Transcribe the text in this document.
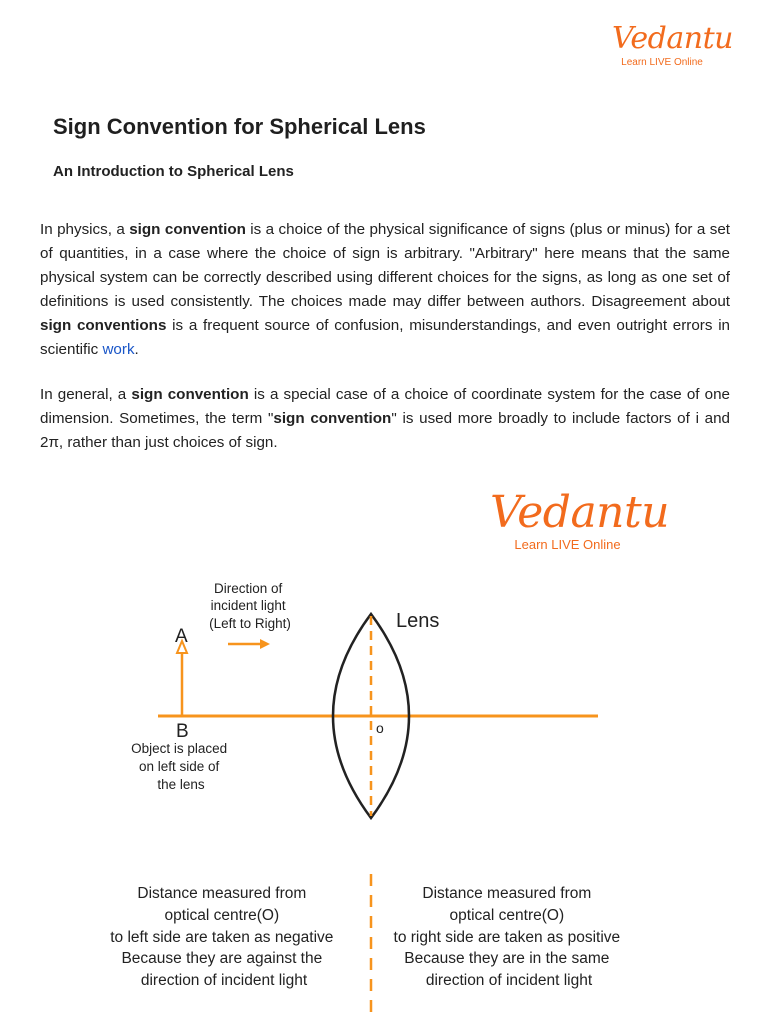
Vedantu
Learn LIVE Online
Sign Convention for Spherical Lens
An Introduction to Spherical Lens

In physics, a sign convention is a choice of the physical significance of signs (plus or minus) for a set of quantities, in a case where the choice of sign is arbitrary. "Arbitrary" here means that the same physical system can be correctly described using different choices for the signs, as long as one set of definitions is used consistently. The choices made may differ between authors. Disagreement about sign conventions is a frequent source of confusion, misunderstandings, and even outright errors in scientific work.

In general, a sign convention is a special case of a choice of coordinate system for the case of one dimension. Sometimes, the term "sign convention" is used more broadly to include factors of i and 2π, rather than just choices of sign.

Vedantu
Learn LIVE Online
Direction of incident light (Left to Right)
A
B	o
Lens
Object is placed on left side of the lens
Distance measured from optical centre(O) to left side are taken as negative Because they are against the direction of incident light
Distance measured from optical centre(O) to right side are taken as positive Because they are in the same direction of incident light
